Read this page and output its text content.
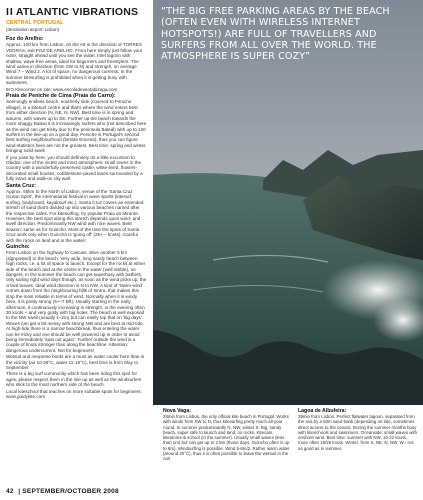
II ATLANTIC VIBRATIONS
CENTRAL PORTUGAL
(destination airport: Lisbon)
Foz do Arelho:

Approx. 100 km from Lisbon, on the A8 in the direction of TORRES VEDRAS, exit FOZ DE ARELHO. From here simply just follow your nose, straight ahead until you see the water. Inlet lagoon with shallow, wave-free areas, ideal for beginners and freestylers. The wind varies in direction (from SW to N) and strength, on average Wind 7 – Wind 2. A lot of space, no dangerous currents. In the summer kitesurfing is prohibited when it is getting busy with swimmers.

IKO Kitecenter on site: www.escoladeventabizaga.com

Praia de Peniche de Cima (Praia do Carro):

Seemingly endless beach, southerly side (covered to Peniche village), is a kitesurf centre and that's where the wind enters best from either direction (N, NE, N, NW). Best time is in spring and autumn, with waves up to 3m. Further up the beach towards the more shaggy Baleal it is increasingly surfers who (not described here as the wind can get tricky due to the peninsula Baleal) with up to 160 surfers in the line-up on a good day. Peniche is Portugal's second best surfing neighbourhood (beside Ericeira), thus you can figure wind-statistics here are not the greatest. Best time: spring and winter, bringing solid swell.

If you pass by here, you should definitely do a little excursion to Obidos: one of the nicest and most atmospheric small towns in the country with a wonderfully preserved castle, white-lined, flowers-decorated small houses, cobblestone-paved lanes surrounded by a fully intact and walk-on city wall.

Santa Cruz:

Approx. 65km to the North of Lisbon, venue of the 'Santa Cruz Ocean Spirit', the international festival in wave sports (kitesurf, surfing, bodyboard, kayaksurf etc.). Santa Cruz covers an extended stretch of sand that's divided up into various beaches named after the respective cafes. For kitesurfing, try popular Praia do Mirante. However, the best spot along this stretch depends upon wind- and swell direction. Predominantly NW wind with nice waves. Best season: same as for Guincho. Most of the time the spots of Santa Cruz work only when Guincho is 'going off' (25+ – knots). Careful with the rocks on land and in the water!

Guincho:

From Lisbon on the highway to Cascais, drive another 5 km (signposted) to the beach. Very wide, long sandy beach between high rocks, i.e. a lot of space to launch. Except for the rocks at either side of the beach and at the centre in the water (well visible), no dangers. In the summer the beach can get superbusy with bathers; only sailing right wind days though, as soon as the wind picks up, the crowd leaves. Ideal wind direction is N to NW. A kind of 'Swim-wind' comes down from the neighbouring hills of Sintra, that makes this stop the most reliable in terms of wind. Normally when it is windy here, it is pretty strong (5+–7 Bft). Usually starting in the early afternoon, it continuously increasing in strength, in the evening often 30 knots + and very gusty with big holes. The beach is well exposed to the NW swell (usually 1–2m) but can easily top that on 'big days'. Waves can get a bit messy with strong NW and are best at mid-tide. At high-tide there is a narrow beachbreak, thus entering the water can be tricky and one should be well powered up in order to avoid being immediately 'spat out again'. Further outside the wind is a couple of knots stronger than along the beachline. Attention: dangerous undercurrent. Not for beginners!

Wetsuit and neoprene boots are a must as water cooler here than in the vicinity (air 10-28°C, water 11-19°C), best time is from May to September.

There is a big surf community which has been riding this spot for ages, please respect them in the line-up as well as the windsurfers who stick to the most northern side of the beach.

Local kiteschool that teaches on more suitable spots for beginners: www.guidykite.com

“THE BIG FREE PARKING AREAS BY THE BEACH (OFTEN EVEN WITH WIRELESS INTERNET HOTSPOTS!) ARE FULL OF TRAVELLERS AND SURFERS FROM ALL OVER THE WORLD. THE ATMOSPHERE IS SUPER COZY”

Nova Vaga:

28min from Lisbon, the only official kite beach in Portugal. Works with winds from SW to N, thus kitesurfing pretty much all-year round. In summer predominantly N, NW, winter S. Big, sandy beach, super safe to launch and land, no rocks. Kitecam, kitestores & school (in the summer). Usually small waves (less than 1m) but can get up to 2.5m (those days, Guincho often is up to 6m). Windsurfing is possible. Wind 5-6m/2. Rather warm water (around 20°C), thus it is often possible to leave the wetsuit in the car!

Lagoa de Albufeira:

39min from Lisbon. Perfect flatwater lagoon, separated from the sea by a 50m sand bank (depending on tide, sometimes direct access to the ocean). During the summer months busy with kiteschools and swimmers. Oceanside: small waves with onshore wind. Best time: summer with NW, 10-22 knots, more often 18/26 knots. Winter: from S, NE, N, NW, W - not as good as in summer.

42 | SEPTEMBER/OCTOBER 2008
